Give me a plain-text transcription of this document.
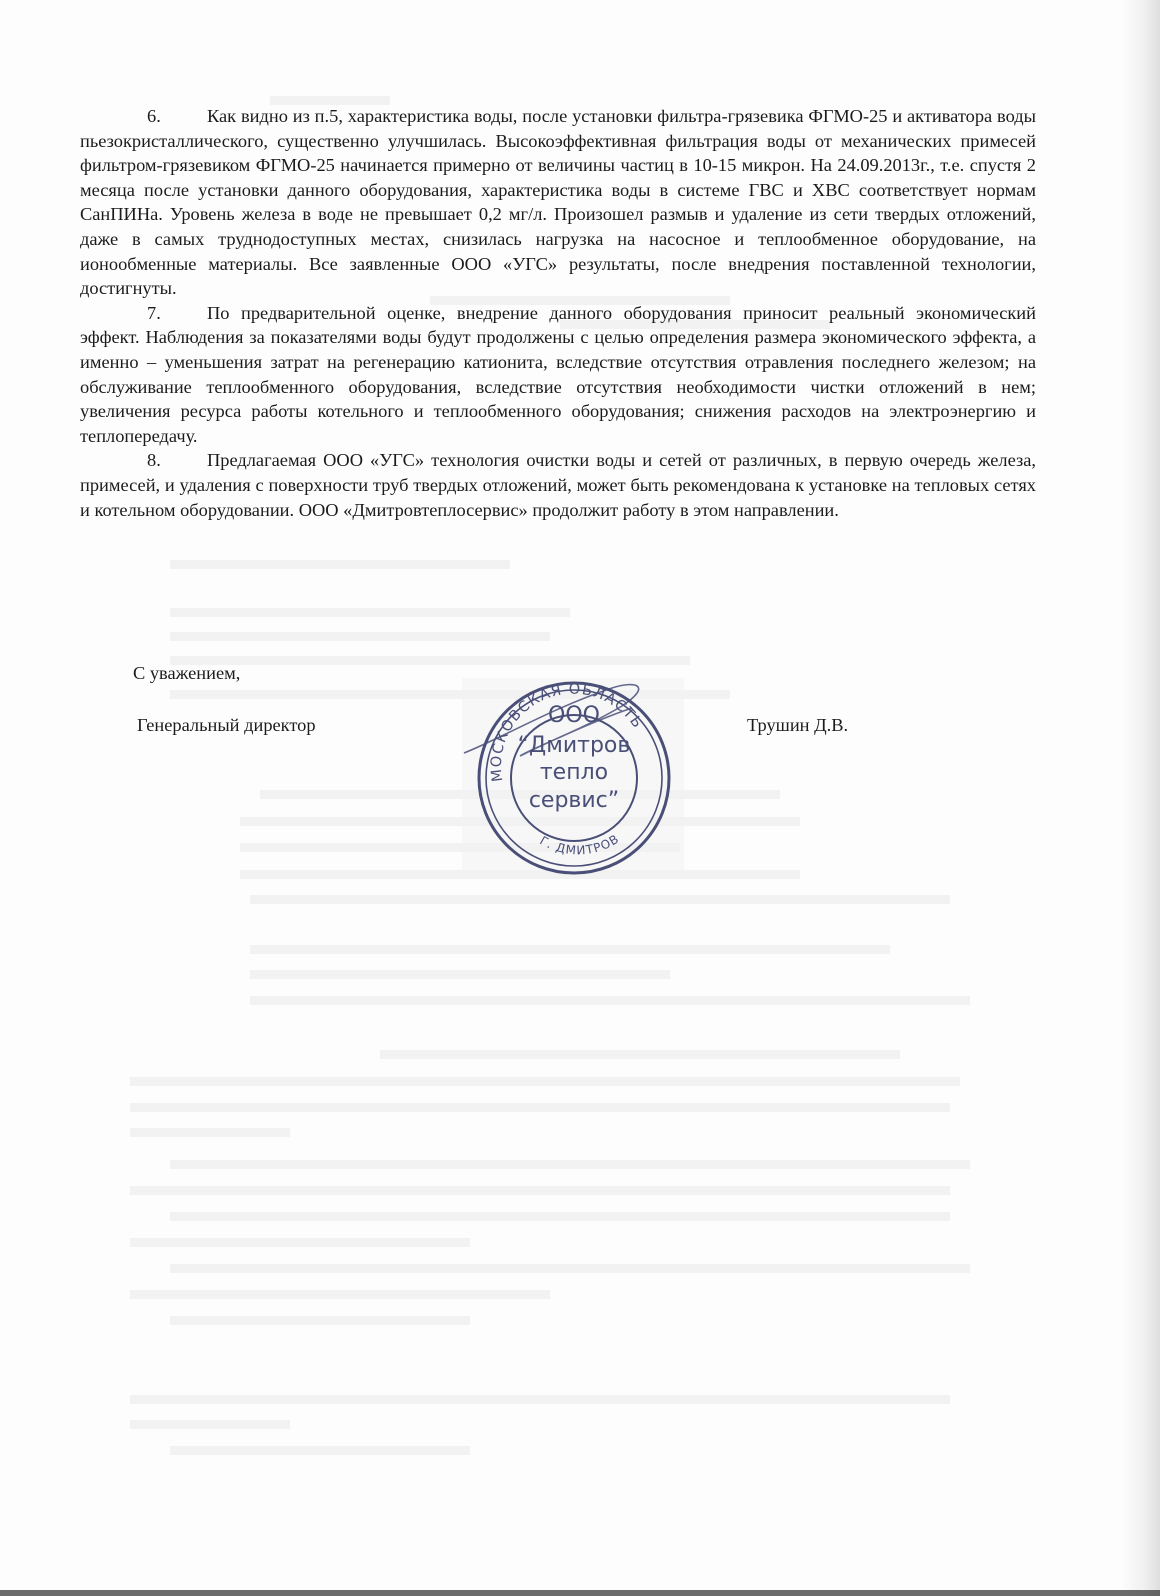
6.	Как видно из п.5, характеристика воды, после установки фильтра-грязевика ФГМО-25 и активатора воды пьезокристаллического, существенно улучшилась. Высокоэффективная фильтрация воды от механических примесей фильтром-грязевиком ФГМО-25 начинается примерно от величины частиц в 10-15 микрон. На 24.09.2013г., т.е. спустя 2 месяца после установки данного оборудования, характеристика воды в системе ГВС и ХВС соответствует нормам СанПИНа. Уровень железа в воде не превышает 0,2 мг/л. Произошел размыв и удаление из сети твердых отложений, даже в самых труднодоступных местах, снизилась нагрузка на насосное и теплообменное оборудование, на ионообменные материалы. Все заявленные ООО «УГС» результаты, после внедрения поставленной технологии, достигнуты.

7.	По предварительной оценке, внедрение данного оборудования приносит реальный экономический эффект. Наблюдения за показателями воды будут продолжены с целью определения размера экономического эффекта, а именно – уменьшения затрат на регенерацию катионита, вследствие отсутствия отравления последнего железом; на обслуживание теплообменного оборудования, вследствие отсутствия необходимости чистки отложений в нем; увеличения ресурса работы котельного и теплообменного оборудования; снижения расходов на электроэнергию и теплопередачу.

8.	Предлагаемая ООО «УГС» технология очистки воды и сетей от различных, в первую очередь железа, примесей, и удаления с поверхности труб твердых отложений, может быть рекомендована к установке на тепловых сетях и котельном оборудовании. ООО «Дмитровтеплосервис» продолжит работу в этом направлении.

С уважением,
Генеральный директор	Трушин Д.В.
МОСКОВСКАЯ ОБЛАСТЬ
Г. ДМИТРОВ
ООО
“Дмитров
тепло
сервис”
